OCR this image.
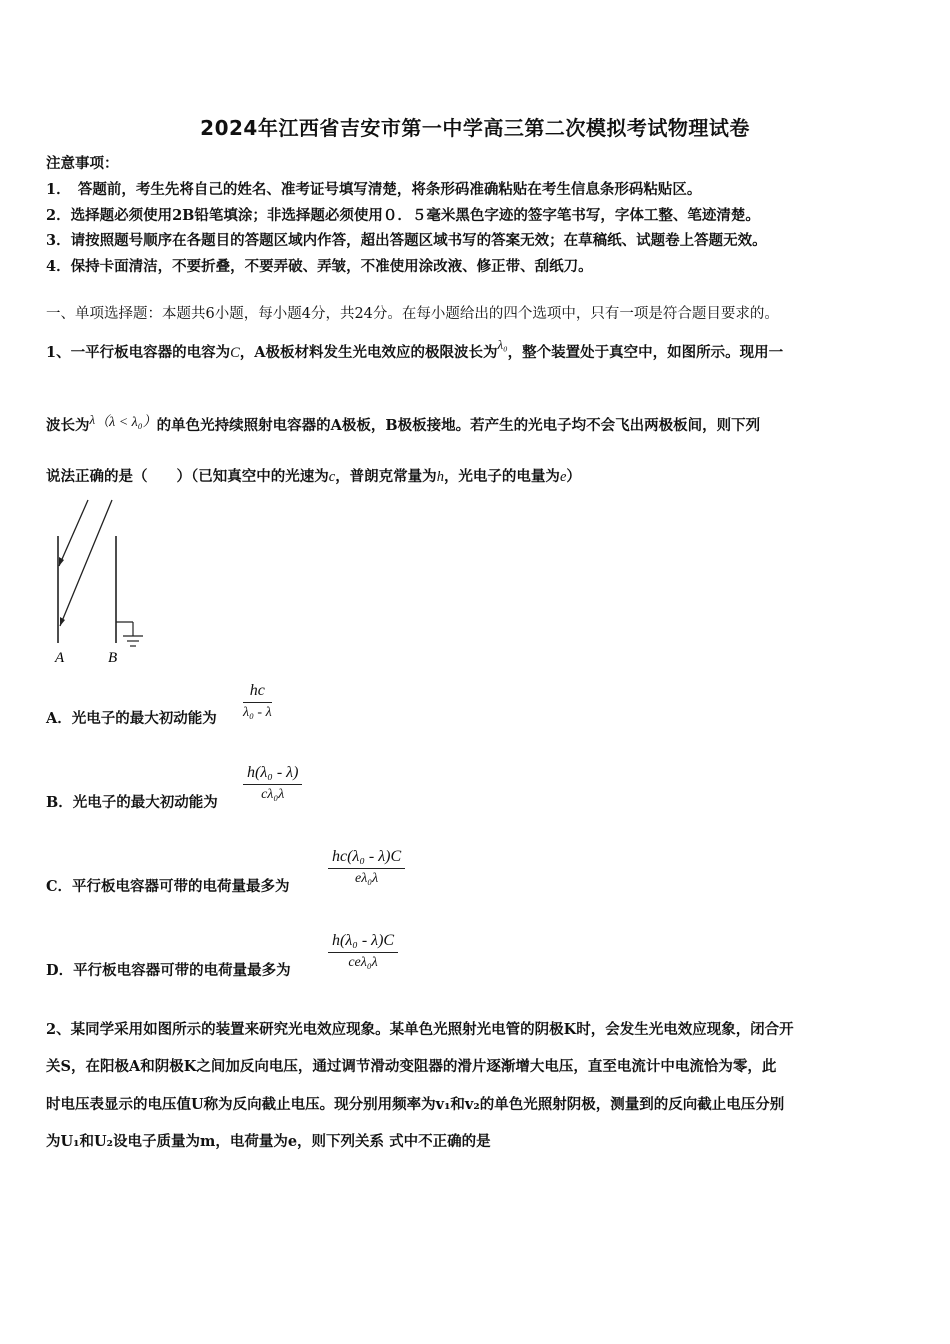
2024年江西省吉安市第一中学高三第二次模拟考试物理试卷
注意事项：
1．　答题前，考生先将自己的姓名、准考证号填写清楚，将条形码准确粘贴在考生信息条形码粘贴区。
2．选择题必须使用2B铅笔填涂；非选择题必须使用０．５毫米黑色字迹的签字笔书写，字体工整、笔迹清楚。
3．请按照题号顺序在各题目的答题区域内作答，超出答题区域书写的答案无效；在草稿纸、试题卷上答题无效。
4．保持卡面清洁，不要折叠，不要弄破、弄皱，不准使用涂改液、修正带、刮纸刀。
一、单项选择题：本题共6小题，每小题4分，共24分。在每小题给出的四个选项中，只有一项是符合题目要求的。
1、一平行板电容器的电容为C，A极板材料发生光电效应的极限波长为λ₀，整个装置处于真空中，如图所示。现用一
波长为λ（λ < λ₀）的单色光持续照射电容器的A极板，B极板接地。若产生的光电子均不会飞出两极板间，则下列
说法正确的是（　　）（已知真空中的光速为c，普朗克常量为h，光电子的电量为e）
A	B
A．光电子的最大初动能为
hc
λ₀ - λ
B．光电子的最大初动能为
h(λ₀ - λ)
cλ₀λ
C．平行板电容器可带的电荷量最多为
hc(λ₀ - λ)C
eλ₀λ
D．平行板电容器可带的电荷量最多为
h(λ₀ - λ)C
ceλ₀λ
2、某同学采用如图所示的装置来研究光电效应现象。某单色光照射光电管的阴极K时，会发生光电效应现象，闭合开
关S，在阳极A和阴极K之间加反向电压，通过调节滑动变阻器的滑片逐渐增大电压，直至电流计中电流恰为零，此
时电压表显示的电压值U称为反向截止电压。现分别用频率为v₁和v₂的单色光照射阴极，测量到的反向截止电压分别
为U₁和U₂设电子质量为m，电荷量为e，则下列关系 式中不正确的是
